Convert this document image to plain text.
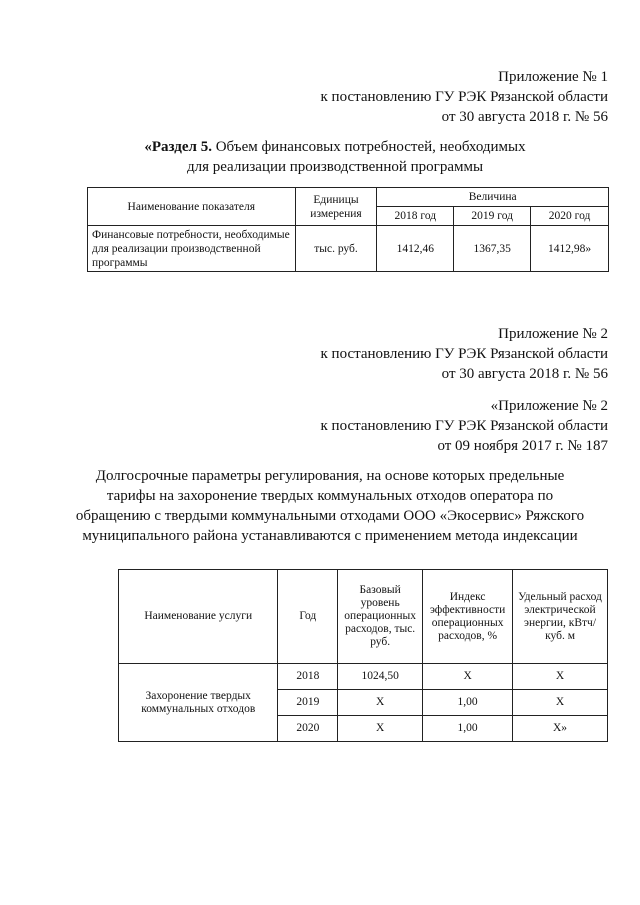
Приложение № 1
к постановлению ГУ РЭК Рязанской области
от 30 августа 2018 г. № 56
«Раздел 5. Объем финансовых потребностей, необходимых
для реализации производственной программы
Наименование показателя	Единицы измерения	Величина		
		2018 год	2019 год	2020 год
Финансовые потребности, необходимые для реализации производственной программы	тыс. руб.	1412,46	1367,35	1412,98»
Приложение № 2
к постановлению ГУ РЭК Рязанской области
от 30 августа 2018 г. № 56
«Приложение № 2
к постановлению ГУ РЭК Рязанской области
от 09 ноября 2017 г. № 187
Долгосрочные параметры регулирования, на основе которых предельные
тарифы на захоронение твердых коммунальных отходов оператора по
обращению с твердыми коммунальными отходами ООО «Экосервис» Ряжского
муниципального района устанавливаются с применением метода индексации
Наименование услуги	Год	Базовый уровень операционных расходов, тыс. руб.	Индекс эффективности операционных расходов, %	Удельный расход электрической энергии, кВтч/куб. м
Захоронение твердых коммунальных отходов	2018	1024,50	X	X
	2019	X	1,00	X
	2020	X	1,00	X»
